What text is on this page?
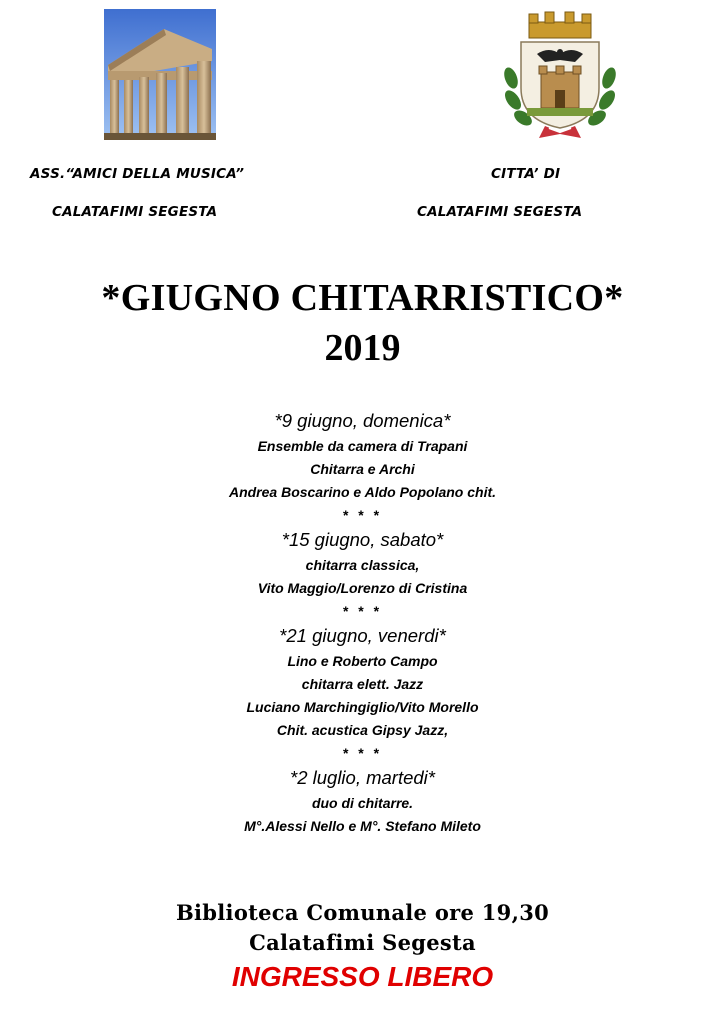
ASS.“AMICI DELLA MUSICA”
CALATAFIMI SEGESTA
CITTA’ DI
CALATAFIMI SEGESTA
*GIUGNO CHITARRISTICO*
2019
*9 giugno, domenica*
Ensemble da camera di Trapani
Chitarra e Archi
Andrea Boscarino e Aldo Popolano chit.
* * *
*15 giugno, sabato*
chitarra classica,
Vito Maggio/Lorenzo di Cristina
* * *
*21 giugno, venerdi*
Lino e Roberto Campo
chitarra elett. Jazz
Luciano Marchingiglio/Vito Morello
Chit. acustica Gipsy Jazz,
* * *
*2 luglio, martedi*
duo di chitarre.
M°.Alessi Nello e M°. Stefano Mileto
Biblioteca Comunale ore 19,30
Calatafimi Segesta
INGRESSO LIBERO
